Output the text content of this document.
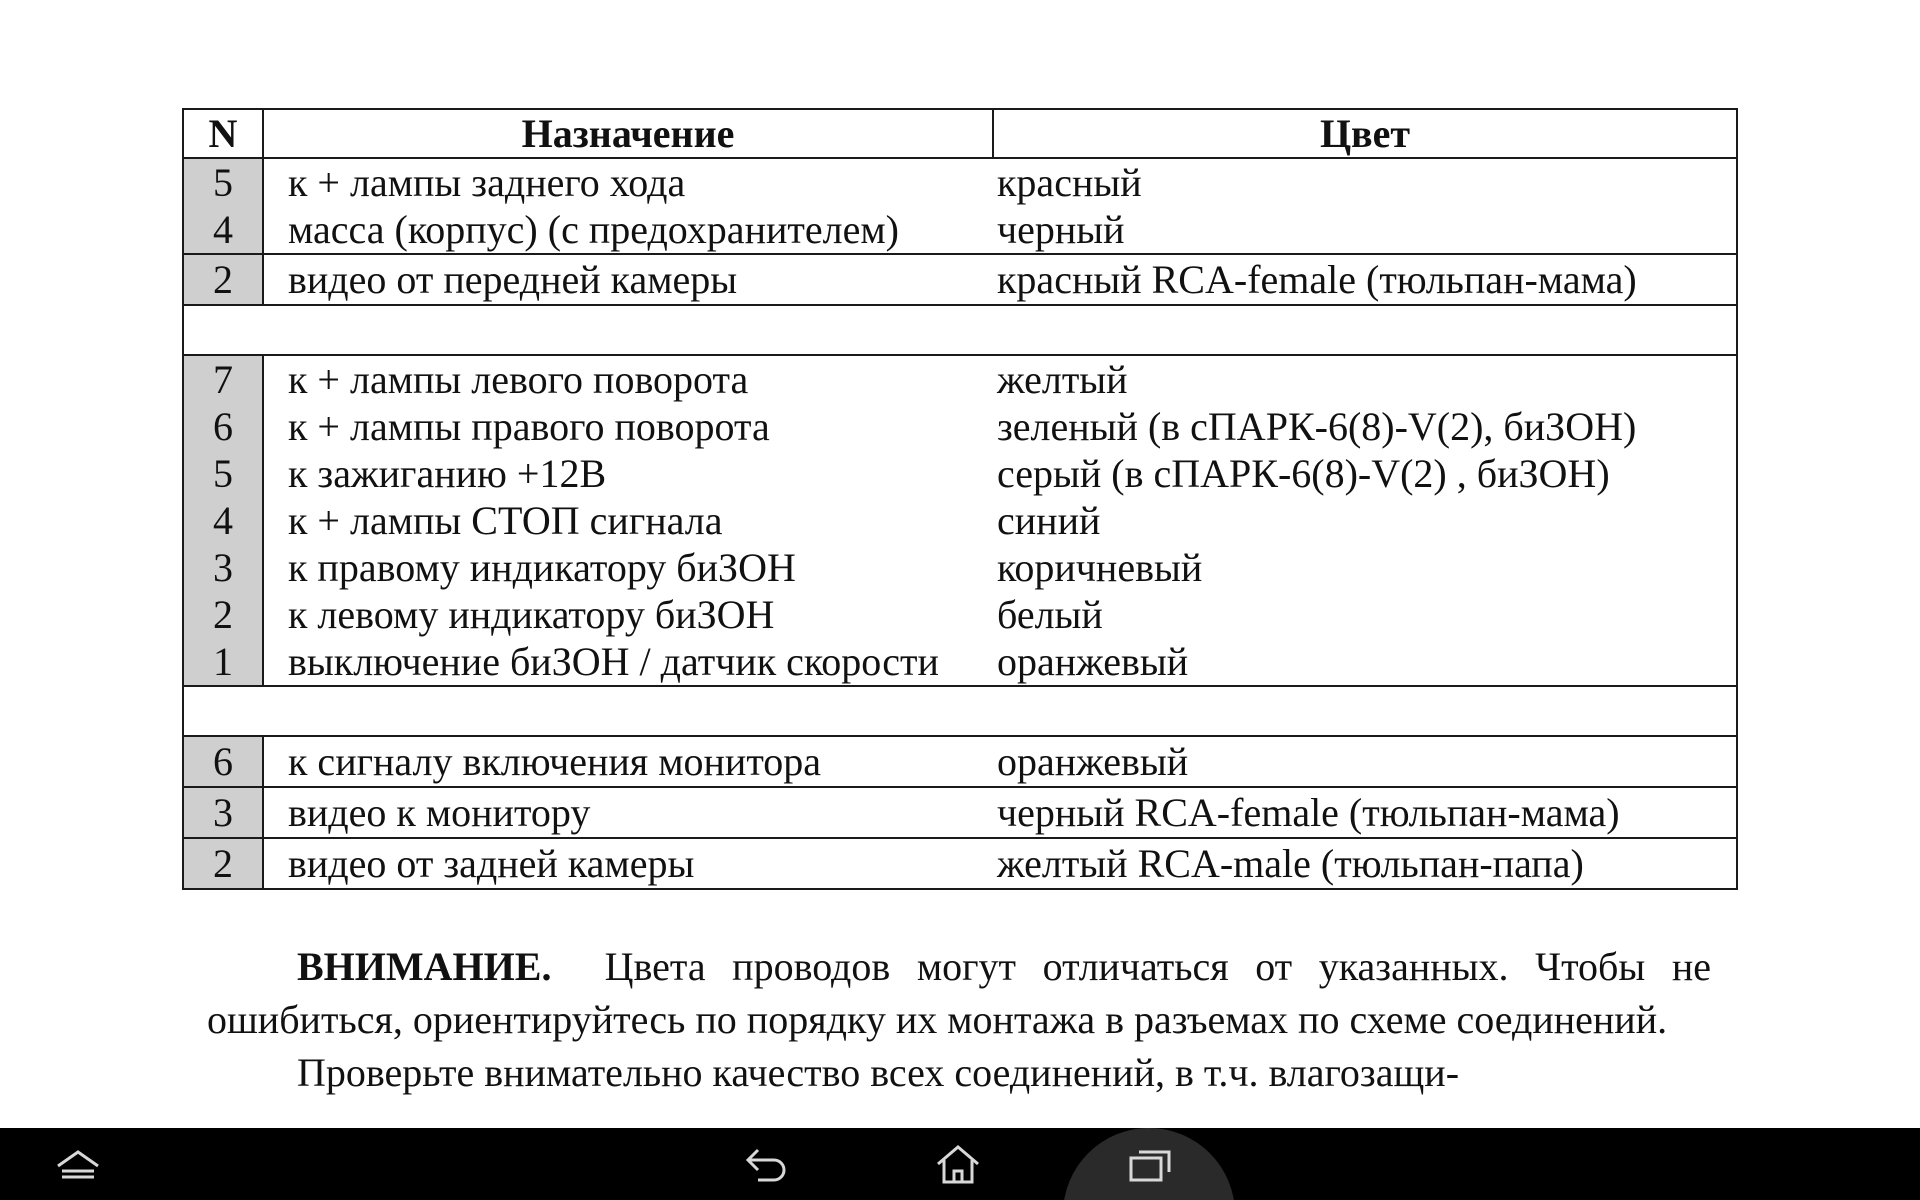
N	Назначение	Цвет
5	к + лампы заднего хода	красный
4	масса (корпус) (с предохранителем)	черный
2	видео от передней камеры	красный RCA-female (тюльпан-мама)

7	к + лампы левого поворота	желтый
6	к + лампы правого поворота	зеленый (в сПАРК-6(8)-V(2), биЗОН)
5	к зажиганию +12В	серый (в сПАРК-6(8)-V(2) , биЗОН)
4	к + лампы СТОП сигнала	синий
3	к правому индикатору биЗОН	коричневый
2	к левому индикатору биЗОН	белый
1	выключение биЗОН / датчик скорости	оранжевый

6	к сигналу включения монитора	оранжевый
3	видео к монитору	черный RCA-female (тюльпан-мама)
2	видео от задней камеры	желтый RCA-male (тюльпан-папа)

ВНИМАНИЕ. Цвета проводов могут отличаться от указанных. Чтобы не ошибиться, ориентируйтесь по порядку их монтажа в разъемах по схеме соединений.

Проверьте внимательно качество всех соединений, в т.ч. влагозащи-
